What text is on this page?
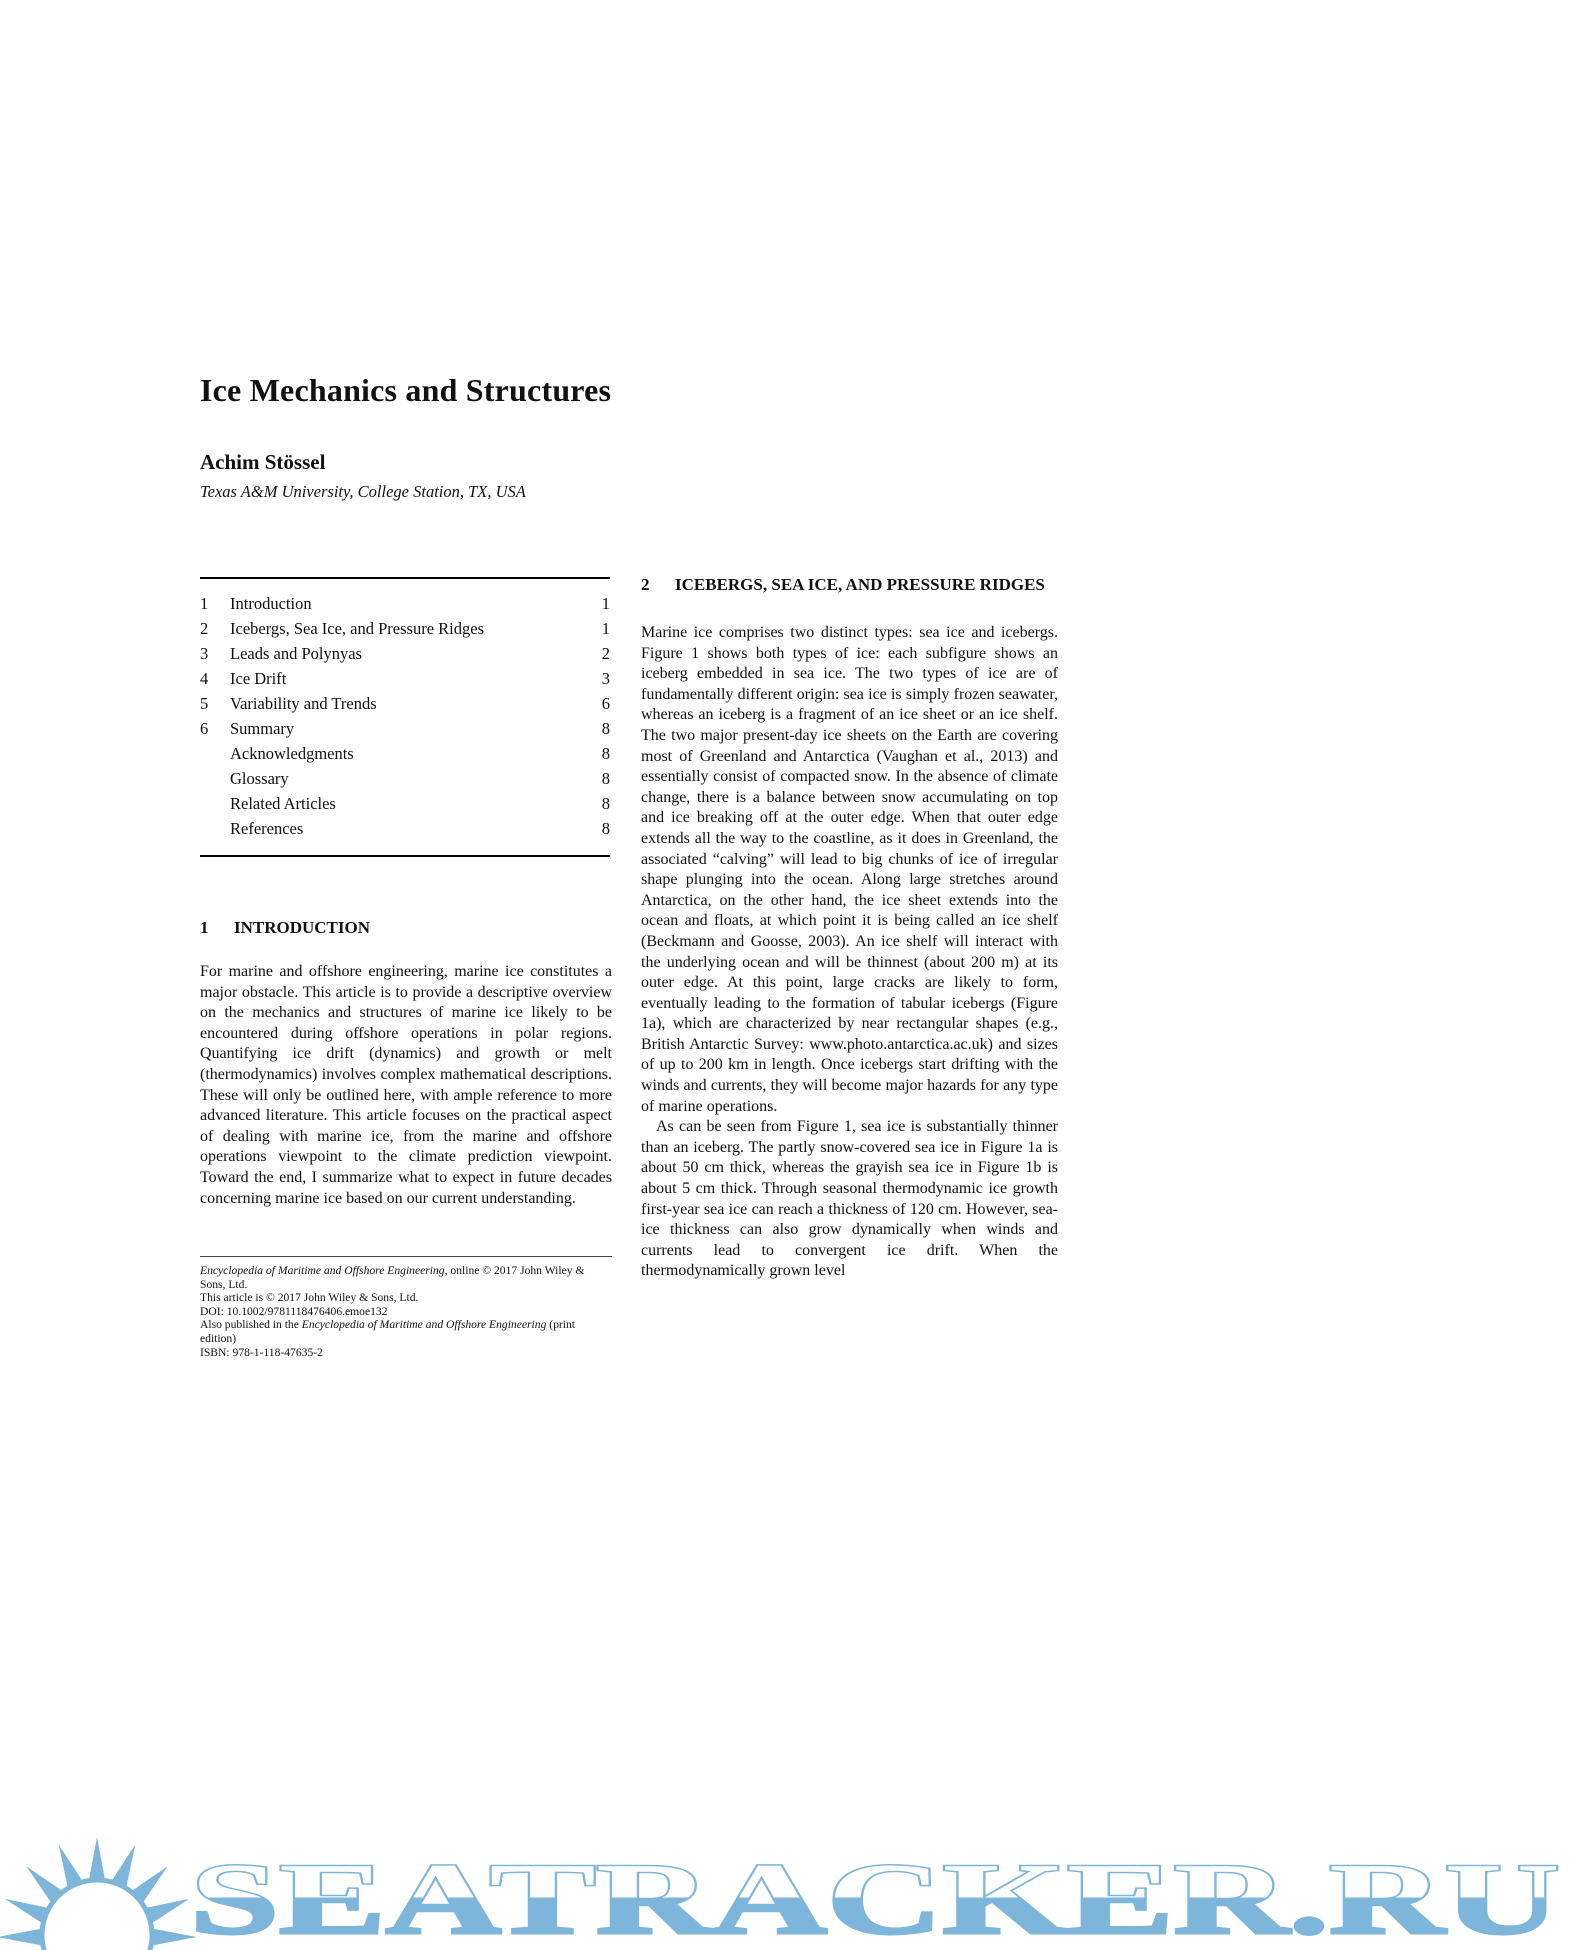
Ice Mechanics and Structures
Achim Stössel
Texas A&M University, College Station, TX, USA
1	Introduction	1
2	Icebergs, Sea Ice, and Pressure Ridges	1
3	Leads and Polynyas	2
4	Ice Drift	3
5	Variability and Trends	6
6	Summary	8
Acknowledgments	8
Glossary	8
Related Articles	8
References	8
1	INTRODUCTION

For marine and offshore engineering, marine ice constitutes a major obstacle. This article is to provide a descriptive overview on the mechanics and structures of marine ice likely to be encountered during offshore operations in polar regions. Quantifying ice drift (dynamics) and growth or melt (thermodynamics) involves complex mathematical descriptions. These will only be outlined here, with ample reference to more advanced literature. This article focuses on the practical aspect of dealing with marine ice, from the marine and offshore operations viewpoint to the climate prediction viewpoint. Toward the end, I summarize what to expect in future decades concerning marine ice based on our current understanding.

Encyclopedia of Maritime and Offshore Engineering, online © 2017 John Wiley & Sons, Ltd.
This article is © 2017 John Wiley & Sons, Ltd.
DOI: 10.1002/9781118476406.emoe132
Also published in the Encyclopedia of Maritime and Offshore Engineering (print edition)
ISBN: 978-1-118-47635-2
2	ICEBERGS, SEA ICE, AND PRESSURE RIDGES

Marine ice comprises two distinct types: sea ice and icebergs. Figure 1 shows both types of ice: each subfigure shows an iceberg embedded in sea ice. The two types of ice are of fundamentally different origin: sea ice is simply frozen seawater, whereas an iceberg is a fragment of an ice sheet or an ice shelf. The two major present-day ice sheets on the Earth are covering most of Greenland and Antarctica (Vaughan et al., 2013) and essentially consist of compacted snow. In the absence of climate change, there is a balance between snow accumulating on top and ice breaking off at the outer edge. When that outer edge extends all the way to the coastline, as it does in Greenland, the associated “calving” will lead to big chunks of ice of irregular shape plunging into the ocean. Along large stretches around Antarctica, on the other hand, the ice sheet extends into the ocean and floats, at which point it is being called an ice shelf (Beckmann and Goosse, 2003). An ice shelf will interact with the underlying ocean and will be thinnest (about 200 m) at its outer edge. At this point, large cracks are likely to form, eventually leading to the formation of tabular icebergs (Figure 1a), which are characterized by near rectangular shapes (e.g., British Antarctic Survey: www.photo.antarctica.ac.uk) and sizes of up to 200 km in length. Once icebergs start drifting with the winds and currents, they will become major hazards for any type of marine operations.

As can be seen from Figure 1, sea ice is substantially thinner than an iceberg. The partly snow-covered sea ice in Figure 1a is about 50 cm thick, whereas the grayish sea ice in Figure 1b is about 5 cm thick. Through seasonal thermodynamic ice growth first-year sea ice can reach a thickness of 120 cm. However, sea-ice thickness can also grow dynamically when winds and currents lead to convergent ice drift. When the thermodynamically grown level

SEATRACKER.RU
